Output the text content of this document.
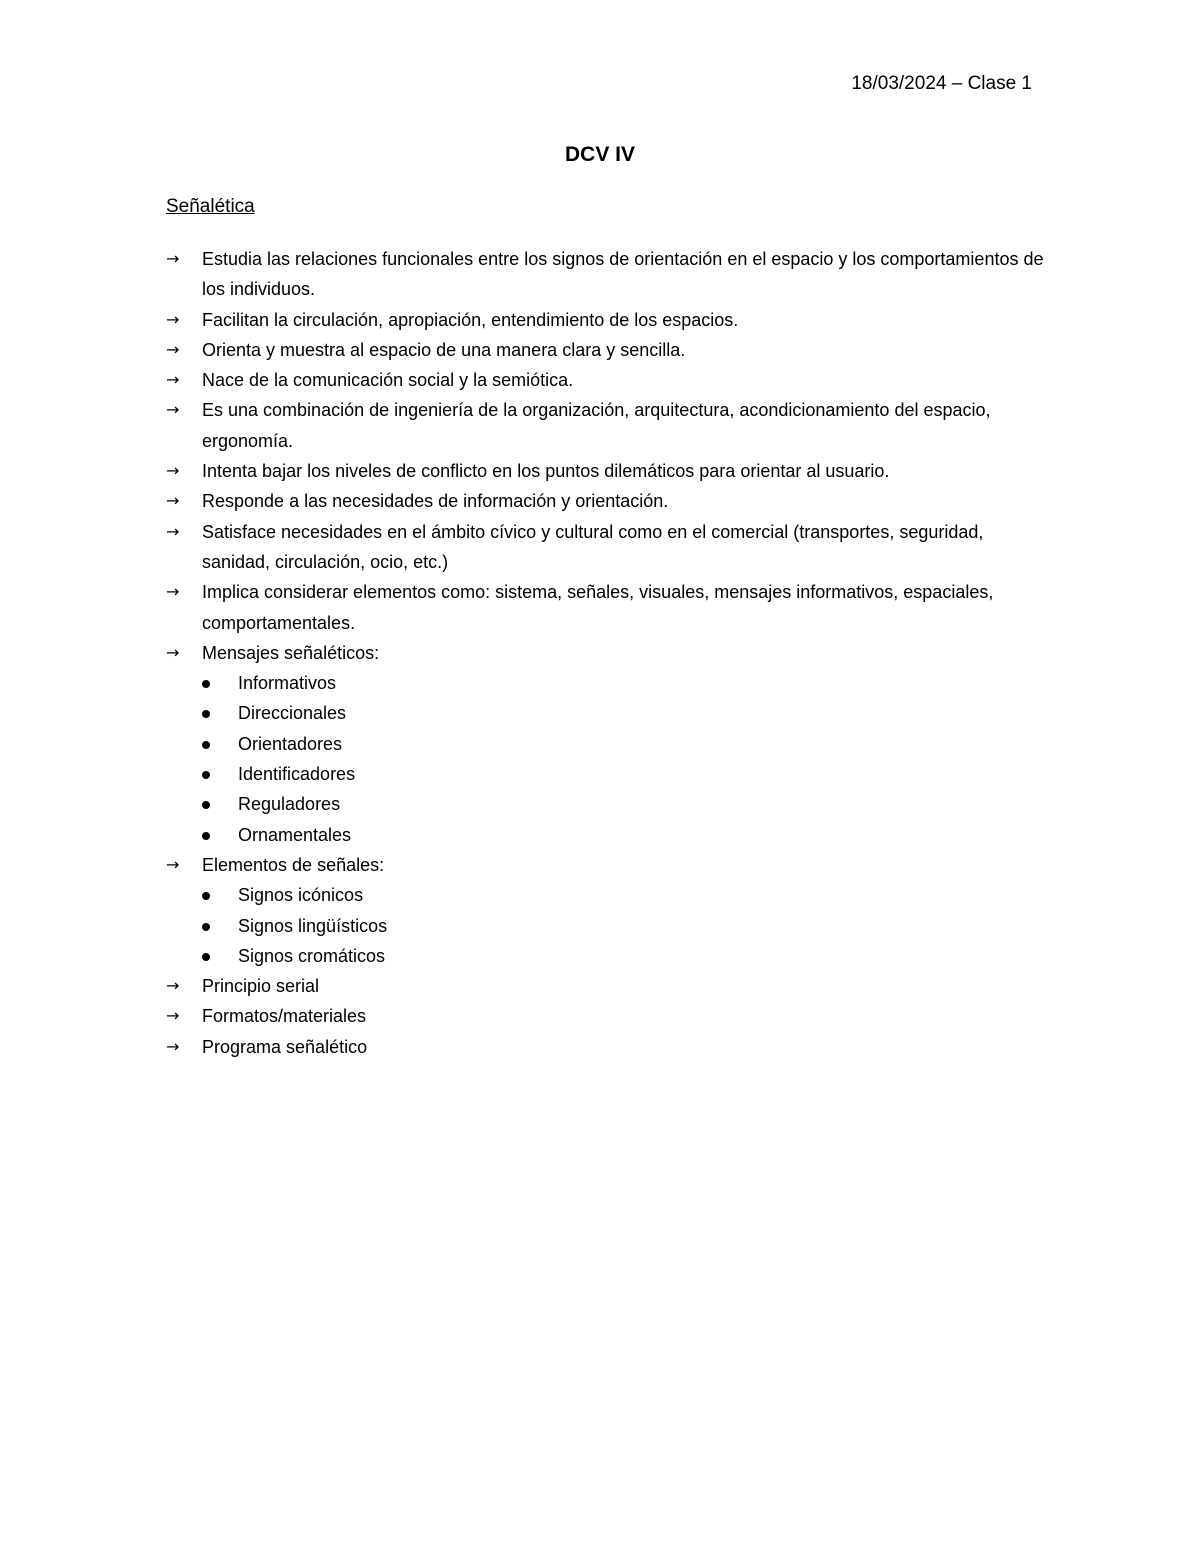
18/03/2024 – Clase 1
DCV IV
Señalética
→	Estudia las relaciones funcionales entre los signos de orientación en el espacio y los comportamientos de los individuos.
→	Facilitan la circulación, apropiación, entendimiento de los espacios.
→	Orienta y muestra al espacio de una manera clara y sencilla.
→	Nace de la comunicación social y la semiótica.
→	Es una combinación de ingeniería de la organización, arquitectura, acondicionamiento del espacio, ergonomía.
→	Intenta bajar los niveles de conflicto en los puntos dilemáticos para orientar al usuario.
→	Responde a las necesidades de información y orientación.
→	Satisface necesidades en el ámbito cívico y cultural como en el comercial (transportes, seguridad, sanidad, circulación, ocio, etc.)
→	Implica considerar elementos como: sistema, señales, visuales, mensajes informativos, espaciales, comportamentales.
→	Mensajes señaléticos:
Informativos
Direccionales
Orientadores
Identificadores
Reguladores
Ornamentales
→	Elementos de señales:
Signos icónicos
Signos lingüísticos
Signos cromáticos
→	Principio serial
→	Formatos/materiales
→	Programa señalético
